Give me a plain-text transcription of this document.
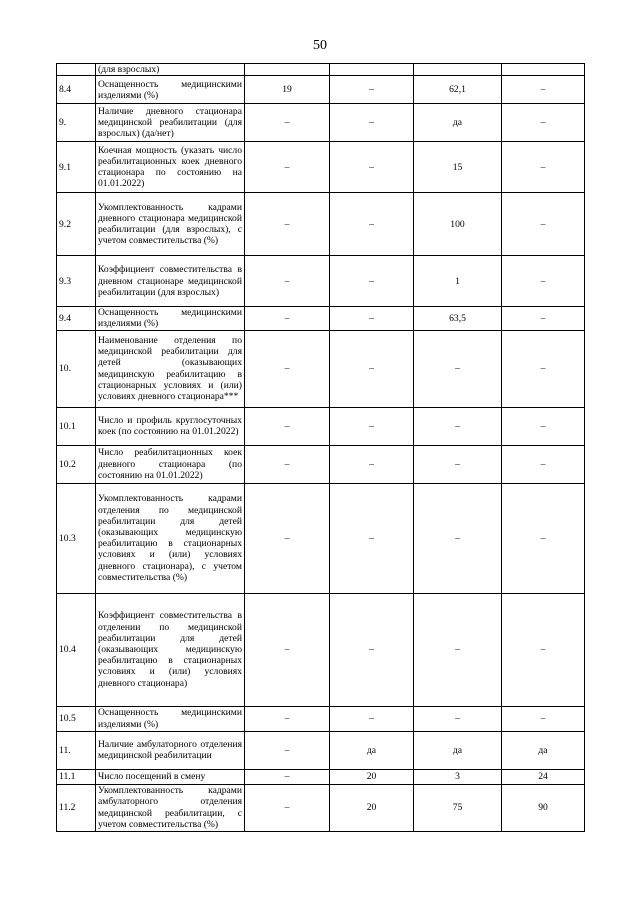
50
	(для взрослых)				
8.4	Оснащенность медицинскими изделиями (%)	19	–	62,1	–
9.	Наличие дневного стационара медицинской реабилитации (для взрослых) (да/нет)	–	–	да	–
9.1	Коечная мощность (указать число реабилитационных коек дневного стационара по состоянию на 01.01.2022)	–	–	15	–
9.2	Укомплектованность кадрами дневного стационара медицинской реабилитации (для взрослых), с учетом совместительства (%)	–	–	100	–
9.3	Коэффициент совместительства в дневном стационаре медицинской реабилитации (для взрослых)	–	–	1	–
9.4	Оснащенность медицинскими изделиями (%)	–	–	63,5	–
10.	Наименование отделения по медицинской реабилитации для детей (оказывающих медицинскую реабилитацию в стационарных условиях и (или) условиях дневного стационара***	–	–	–	–
10.1	Число и профиль круглосуточных коек (по состоянию на 01.01.2022)	–	–	–	–
10.2	Число реабилитационных коек дневного стационара (по состоянию на 01.01.2022)	–	–	–	–
10.3	Укомплектованность кадрами отделения по медицинской реабилитации для детей (оказывающих медицинскую реабилитацию в стационарных условиях и (или) условиях дневного стационара), с учетом совместительства (%)	–	–	–	–
10.4	Коэффициент совместительства в отделении по медицинской реабилитации для детей (оказывающих медицинскую реабилитацию в стационарных условиях и (или) условиях дневного стационара)	–	–	–	–
10.5	Оснащенность медицинскими изделиями (%)	–	–	–	–
11.	Наличие амбулаторного отделения медицинской реабилитации	–	да	да	да
11.1	Число посещений в смену	–	20	3	24
11.2	Укомплектованность кадрами амбулаторного отделения медицинской реабилитации, с учетом совместительства (%)	–	20	75	90
